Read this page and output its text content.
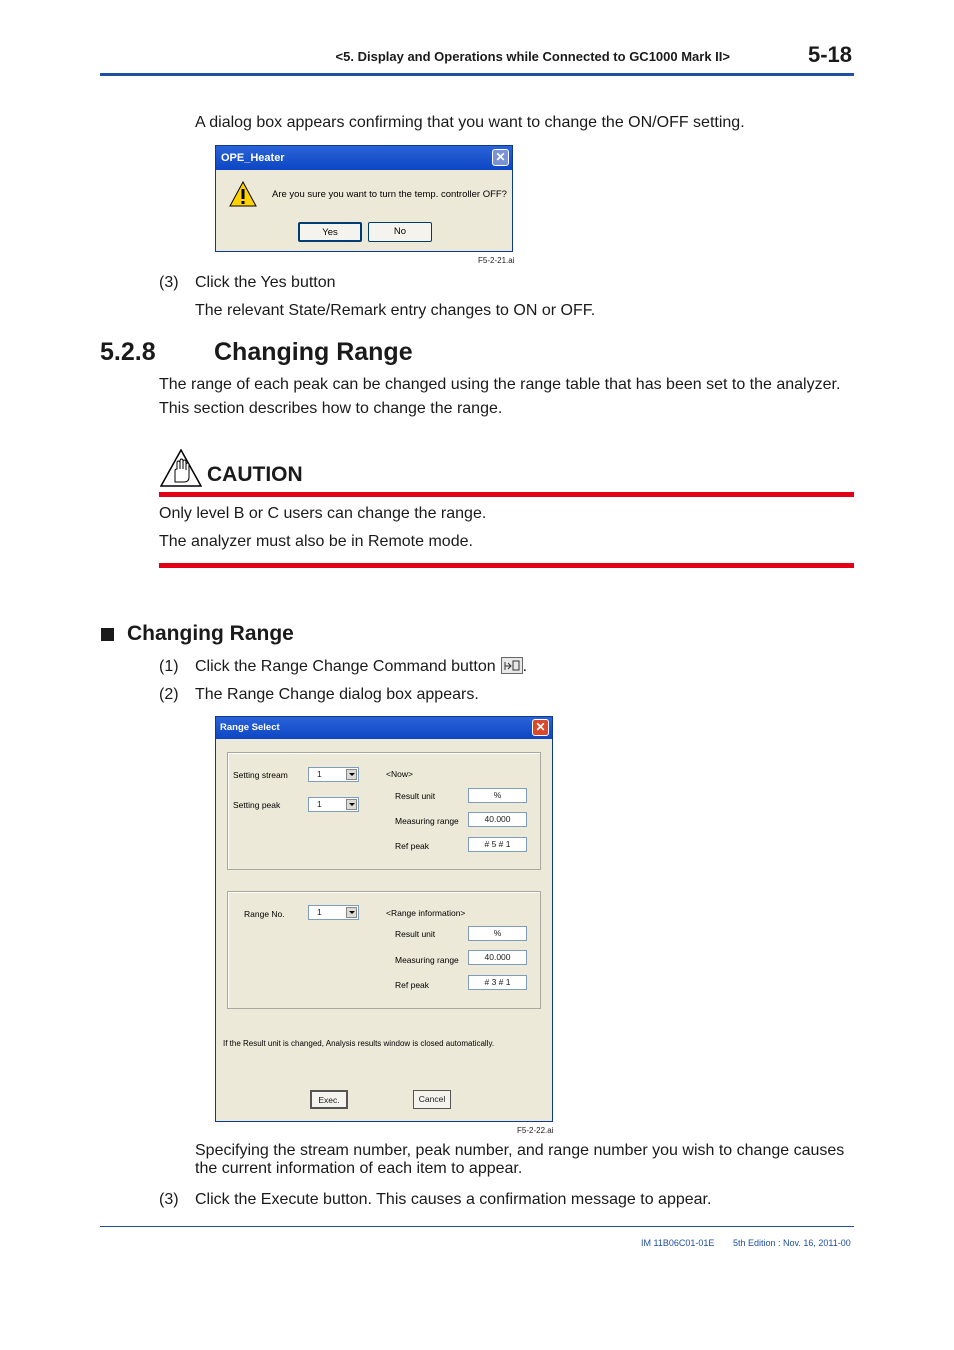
<5. Display and Operations while Connected to GC1000 Mark II>	5-18
A dialog box appears confirming that you want to change the ON/OFF setting.
OPE_Heater	✕
Are you sure you want to turn the temp. controller OFF?
Yes	No
F5-2-21.ai
(3) Click the Yes button
The relevant State/Remark entry changes to ON or OFF.
5.2.8 Changing Range
The range of each peak can be changed using the range table that has been set to the analyzer.
This section describes how to change the range.
CAUTION
Only level B or C users can change the range.
The analyzer must also be in Remote mode.
Changing Range
(1) Click the Range Change Command button .
(2) The Range Change dialog box appears.
Range Select	✕
Setting stream	1
Setting peak	1
<Now>
Result unit	%
Measuring range	40.000
Ref peak	# 5 # 1
Range No.	1	<Range information>
Result unit	%
Measuring range	40.000
Ref peak	# 3 # 1
If the Result unit is changed, Analysis results window is closed automatically.
Exec.	Cancel
F5-2-22.ai
Specifying the stream number, peak number, and range number you wish to change causes
the current information of each item to appear.
(3) Click the Execute button. This causes a confirmation message to appear.
IM 11B06C01-01E 5th Edition : Nov. 16, 2011-00
